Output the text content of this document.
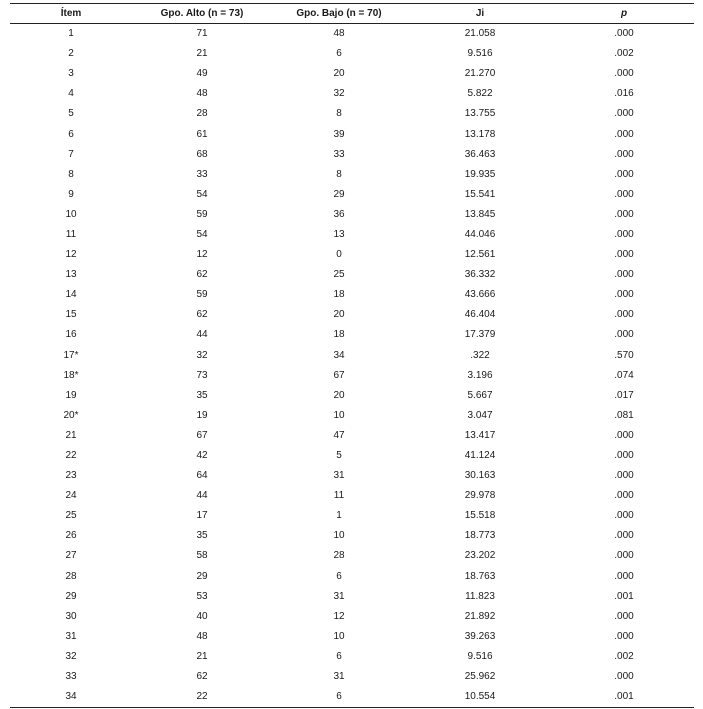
Ítem	Gpo. Alto (n = 73)	Gpo. Bajo (n = 70)	Ji	p
1	71	48	21.058	.000
2	21	6	9.516	.002
3	49	20	21.270	.000
4	48	32	5.822	.016
5	28	8	13.755	.000
6	61	39	13.178	.000
7	68	33	36.463	.000
8	33	8	19.935	.000
9	54	29	15.541	.000
10	59	36	13.845	.000
11	54	13	44.046	.000
12	12	0	12.561	.000
13	62	25	36.332	.000
14	59	18	43.666	.000
15	62	20	46.404	.000
16	44	18	17.379	.000
17*	32	34	.322	.570
18*	73	67	3.196	.074
19	35	20	5.667	.017
20*	19	10	3.047	.081
21	67	47	13.417	.000
22	42	5	41.124	.000
23	64	31	30.163	.000
24	44	11	29.978	.000
25	17	1	15.518	.000
26	35	10	18.773	.000
27	58	28	23.202	.000
28	29	6	18.763	.000
29	53	31	11.823	.001
30	40	12	21.892	.000
31	48	10	39.263	.000
32	21	6	9.516	.002
33	62	31	25.962	.000
34	22	6	10.554	.001
